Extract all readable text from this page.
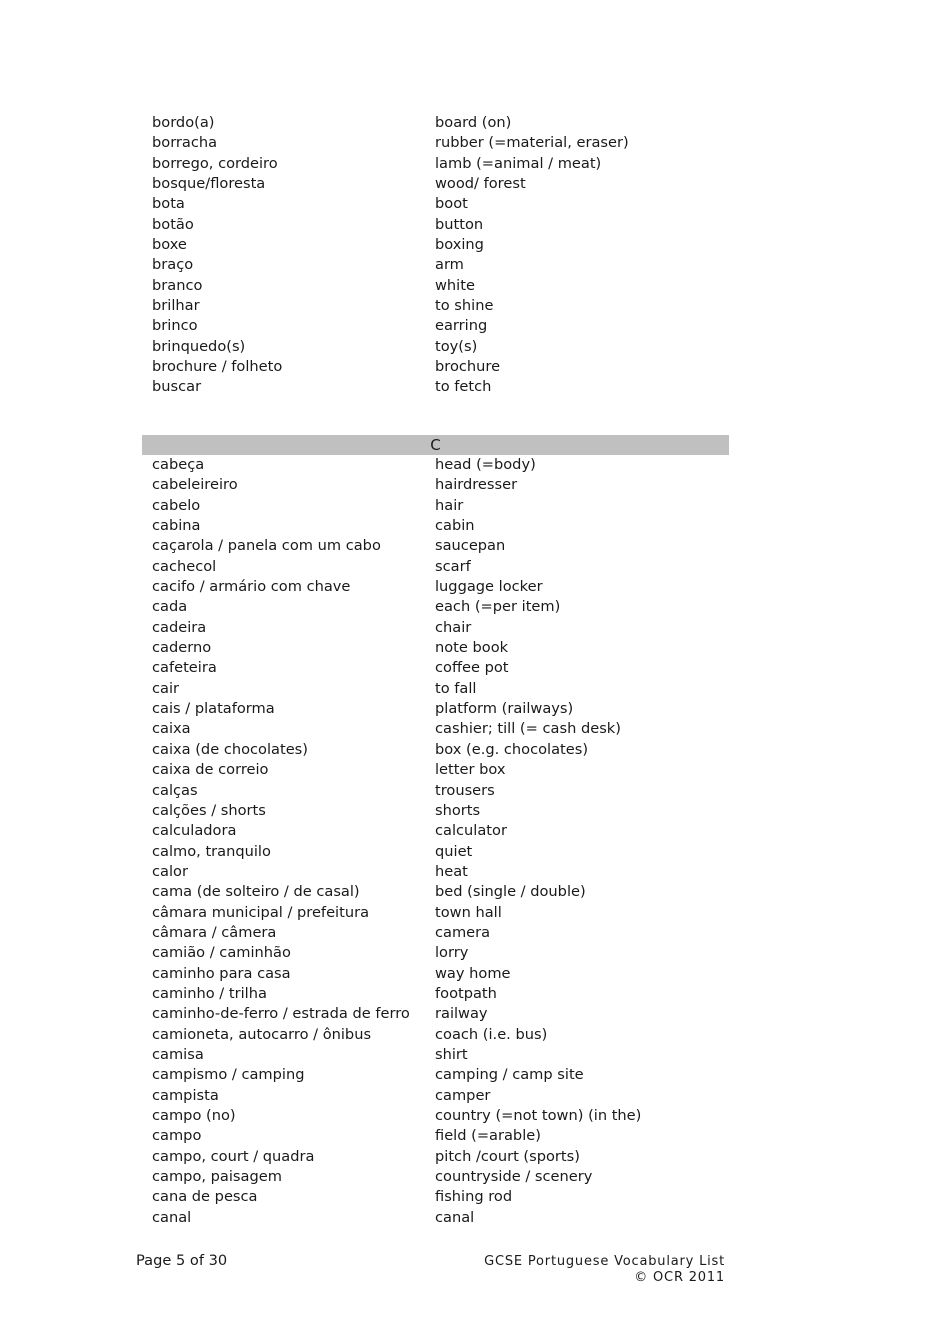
bordo(a)	board (on)
borracha	rubber (=material, eraser)
borrego, cordeiro	lamb (=animal / meat)
bosque/floresta	wood/ forest
bota	boot
botão	button
boxe	boxing
braço	arm
branco	white
brilhar	to shine
brinco	earring
brinquedo(s)	toy(s)
brochure / folheto	brochure
buscar	to fetch
C
cabeça	head (=body)
cabeleireiro	hairdresser
cabelo	hair
cabina	cabin
caçarola / panela com um cabo	saucepan
cachecol	scarf
cacifo / armário com chave	luggage locker
cada	each (=per item)
cadeira	chair
caderno	note book
cafeteira	coffee pot
cair	to fall
cais / plataforma	platform (railways)
caixa	cashier; till (= cash desk)
caixa (de chocolates)	box (e.g. chocolates)
caixa de correio	letter box
calças	trousers
calções / shorts	shorts
calculadora	calculator
calmo, tranquilo	quiet
calor	heat
cama (de solteiro / de casal)	bed (single / double)
câmara municipal / prefeitura	town hall
câmara / câmera	camera
camião / caminhão	lorry
caminho para casa	way home
caminho / trilha	footpath
caminho-de-ferro / estrada de ferro	railway
camioneta, autocarro / ônibus	coach (i.e. bus)
camisa	shirt
campismo / camping	camping / camp site
campista	camper
campo (no)	country (=not town) (in the)
campo	field (=arable)
campo, court / quadra	pitch /court (sports)
campo, paisagem	countryside / scenery
cana de pesca	fishing rod
canal	canal
Page 5 of 30	GCSE Portuguese Vocabulary List
© OCR 2011
